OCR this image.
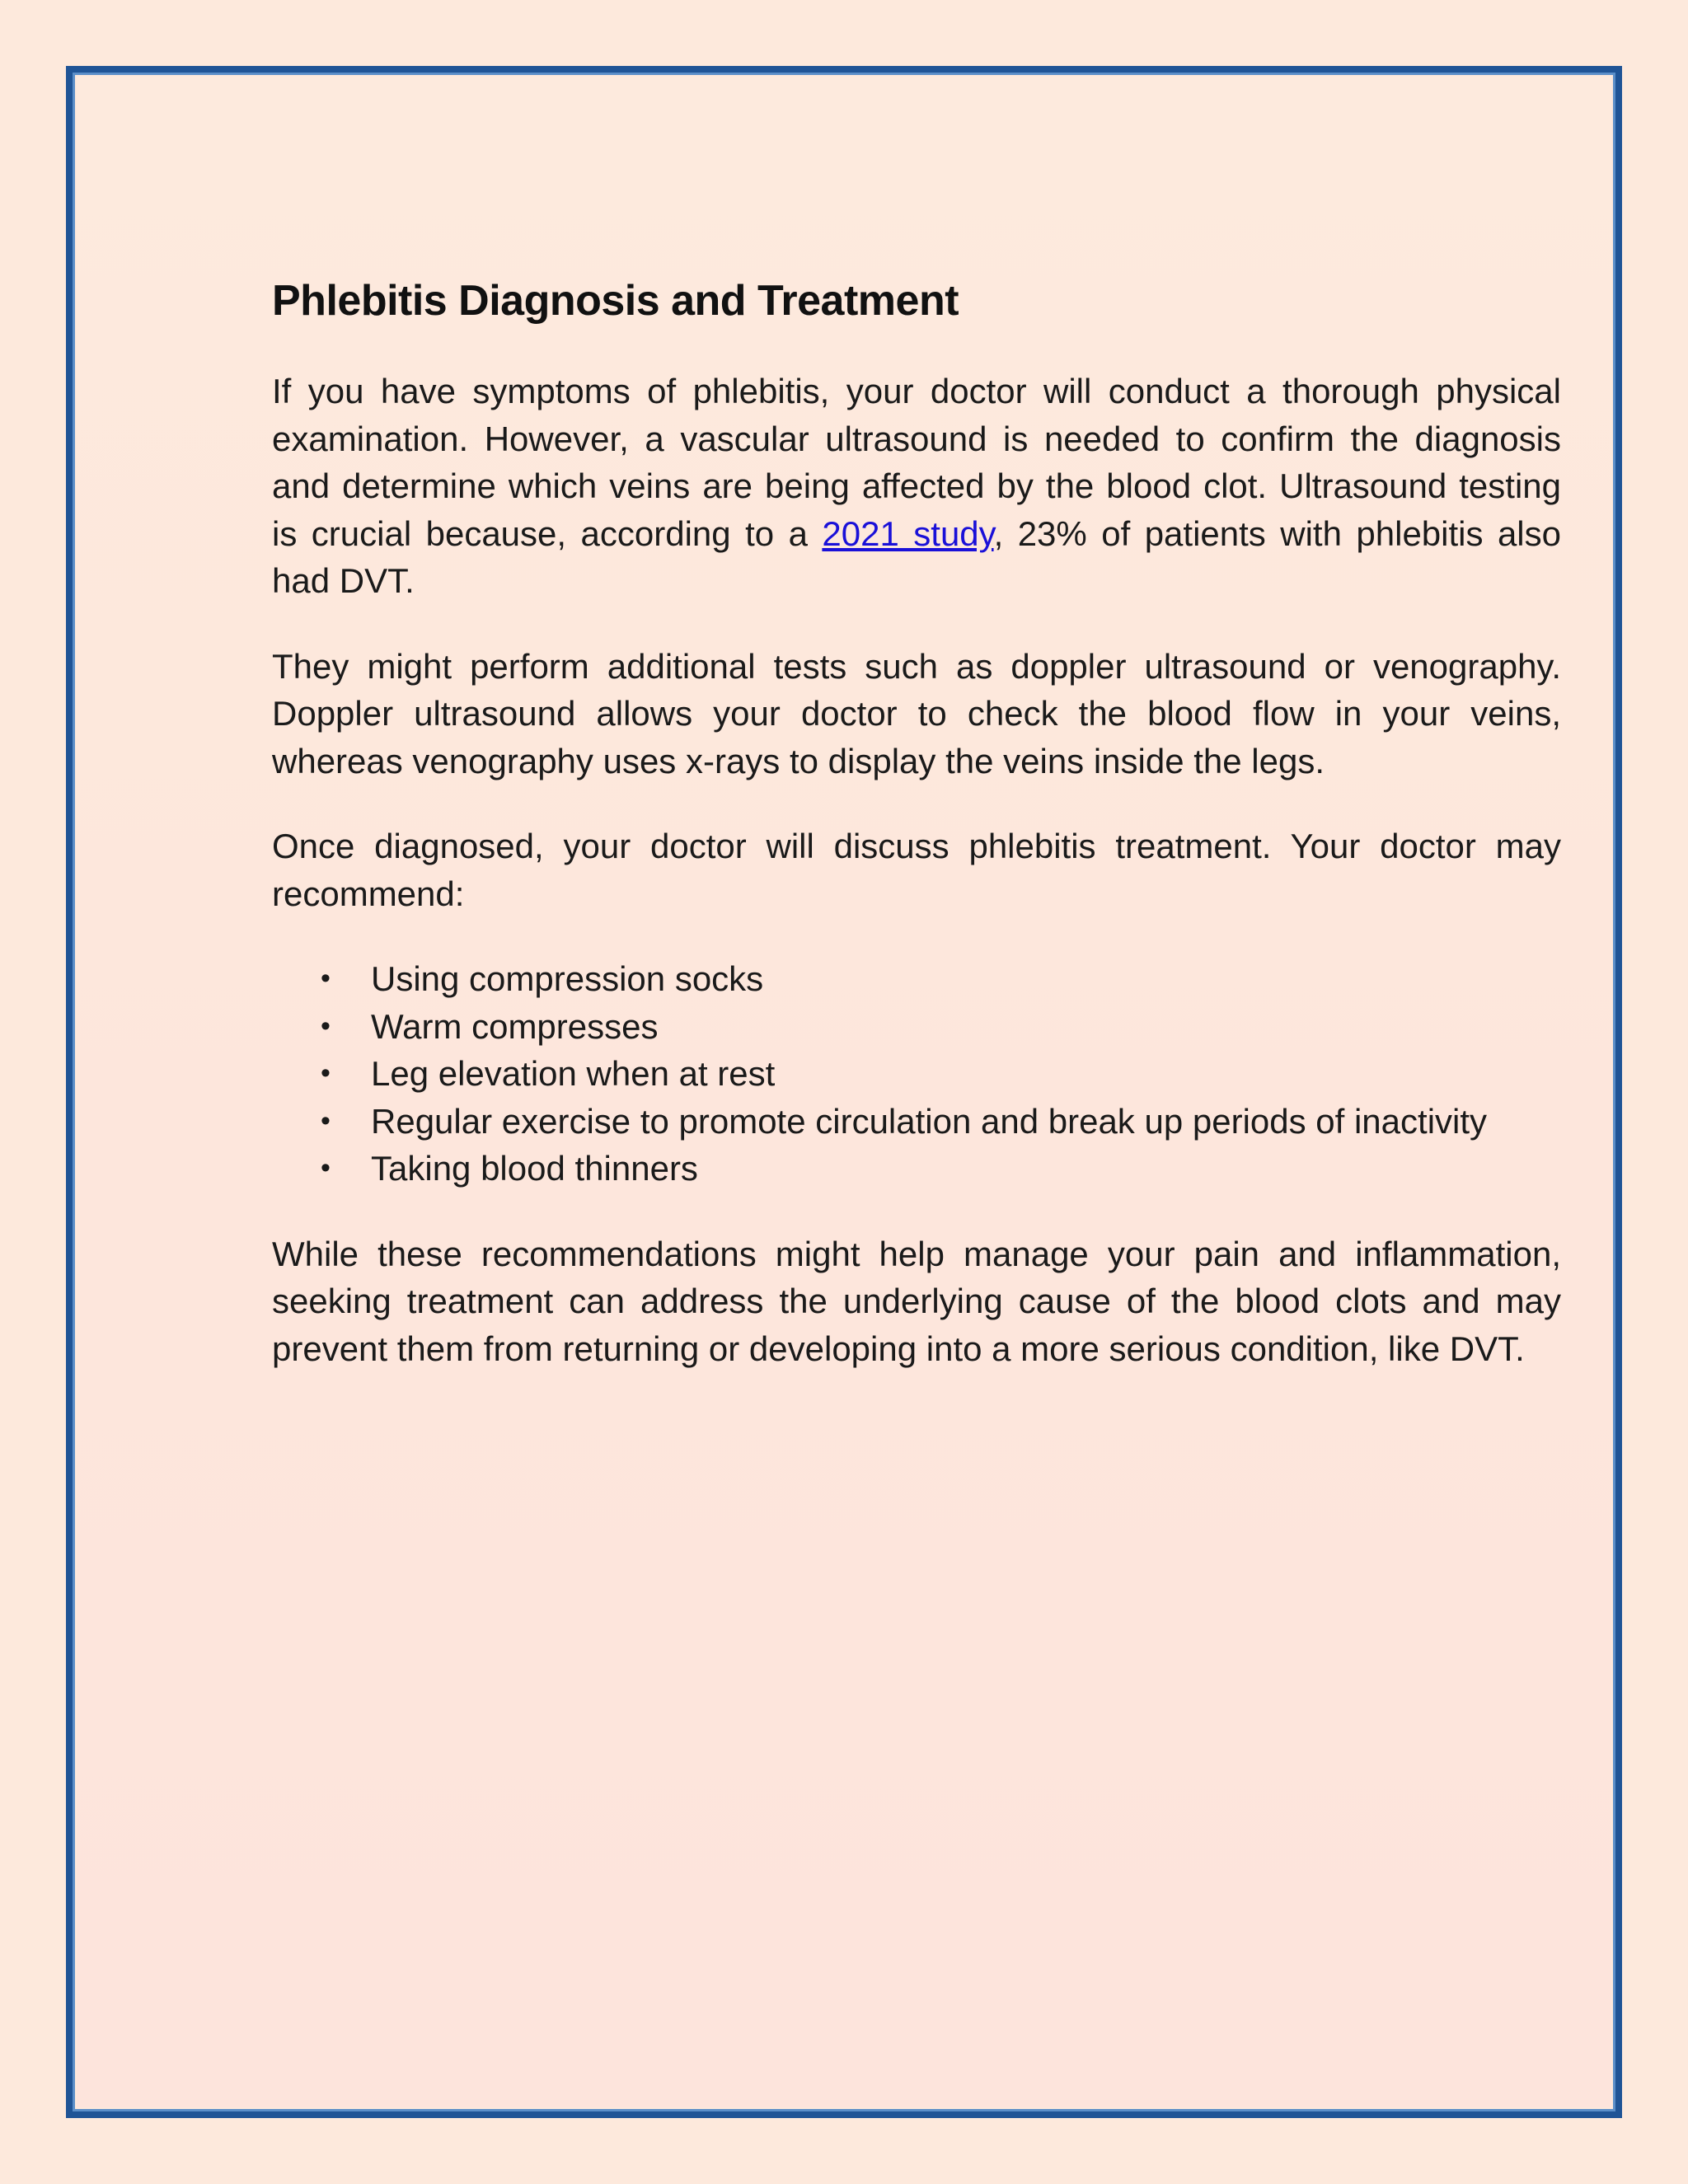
Phlebitis Diagnosis and Treatment

If you have symptoms of phlebitis, your doctor will conduct a thorough physical examination. However, a vascular ultrasound is needed to confirm the diagnosis and determine which veins are being affected by the blood clot. Ultrasound testing is crucial because, according to a 2021 study, 23% of patients with phlebitis also had DVT.

They might perform additional tests such as doppler ultrasound or venography. Doppler ultrasound allows your doctor to check the blood flow in your veins, whereas venography uses x-rays to display the veins inside the legs.

Once diagnosed, your doctor will discuss phlebitis treatment. Your doctor may recommend:

• Using compression socks
• Warm compresses
• Leg elevation when at rest
• Regular exercise to promote circulation and break up periods of inactivity
• Taking blood thinners

While these recommendations might help manage your pain and inflammation, seeking treatment can address the underlying cause of the blood clots and may prevent them from returning or developing into a more serious condition, like DVT.
